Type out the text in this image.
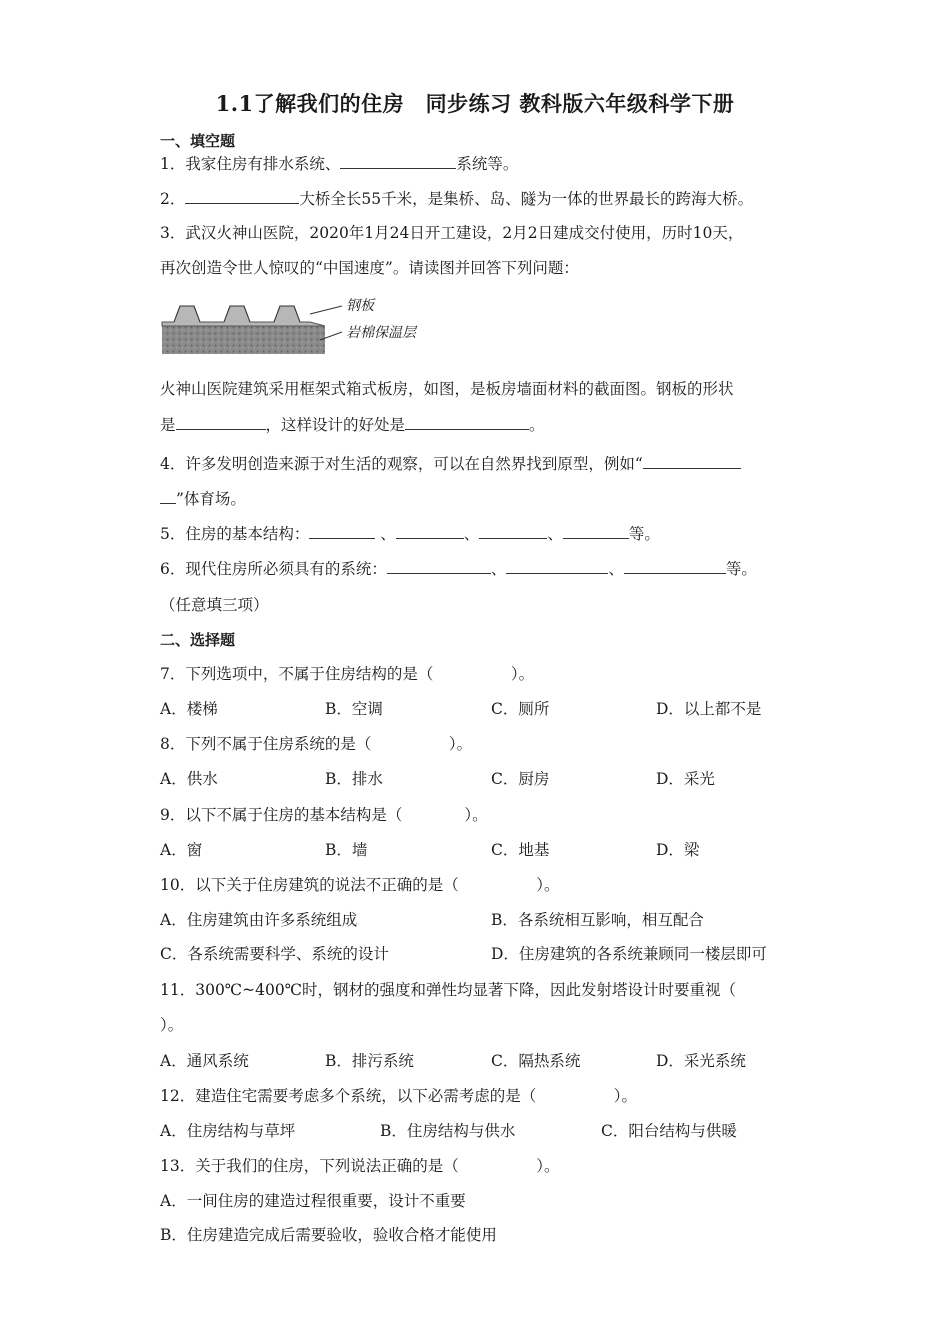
1.1了解我们的住房　同步练习 教科版六年级科学下册
一、填空题
1．我家住房有排水系统、	系统等。
2．	大桥全长55千米，是集桥、岛、隧为一体的世界最长的跨海大桥。
3．武汉火神山医院，2020年1月24日开工建设，2月2日建成交付使用，历时10天，
再次创造令世人惊叹的“中国速度”。请读图并回答下列问题：
钢板
岩棉保温层
火神山医院建筑采用框架式箱式板房，如图，是板房墙面材料的截面图。钢板的形状
是	，这样设计的好处是	。
4．许多发明创造来源于对生活的观察，可以在自然界找到原型，例如“
”体育场。
5．住房的基本结构：	、	、	、	等。
6．现代住房所必须具有的系统：	、	、	等。
（任意填三项）
二、选择题
7．下列选项中，不属于住房结构的是（　　　　　）。
A．楼梯	B．空调	C．厕所	D．以上都不是
8．下列不属于住房系统的是（　　　　　）。
A．供水	B．排水	C．厨房	D．采光
9．以下不属于住房的基本结构是（　　　　）。
A．窗	B．墙	C．地基	D．梁
10．以下关于住房建筑的说法不正确的是（　　　　　）。
A．住房建筑由许多系统组成	B．各系统相互影响，相互配合
C．各系统需要科学、系统的设计	D．住房建筑的各系统兼顾同一楼层即可
11．300℃~400℃时，钢材的强度和弹性均显著下降，因此发射塔设计时要重视（
）。
A．通风系统	B．排污系统	C．隔热系统	D．采光系统
12．建造住宅需要考虑多个系统，以下必需考虑的是（　　　　　）。
A．住房结构与草坪	B．住房结构与供水	C．阳台结构与供暖
13．关于我们的住房，下列说法正确的是（　　　　　）。
A．一间住房的建造过程很重要，设计不重要
B．住房建造完成后需要验收，验收合格才能使用
